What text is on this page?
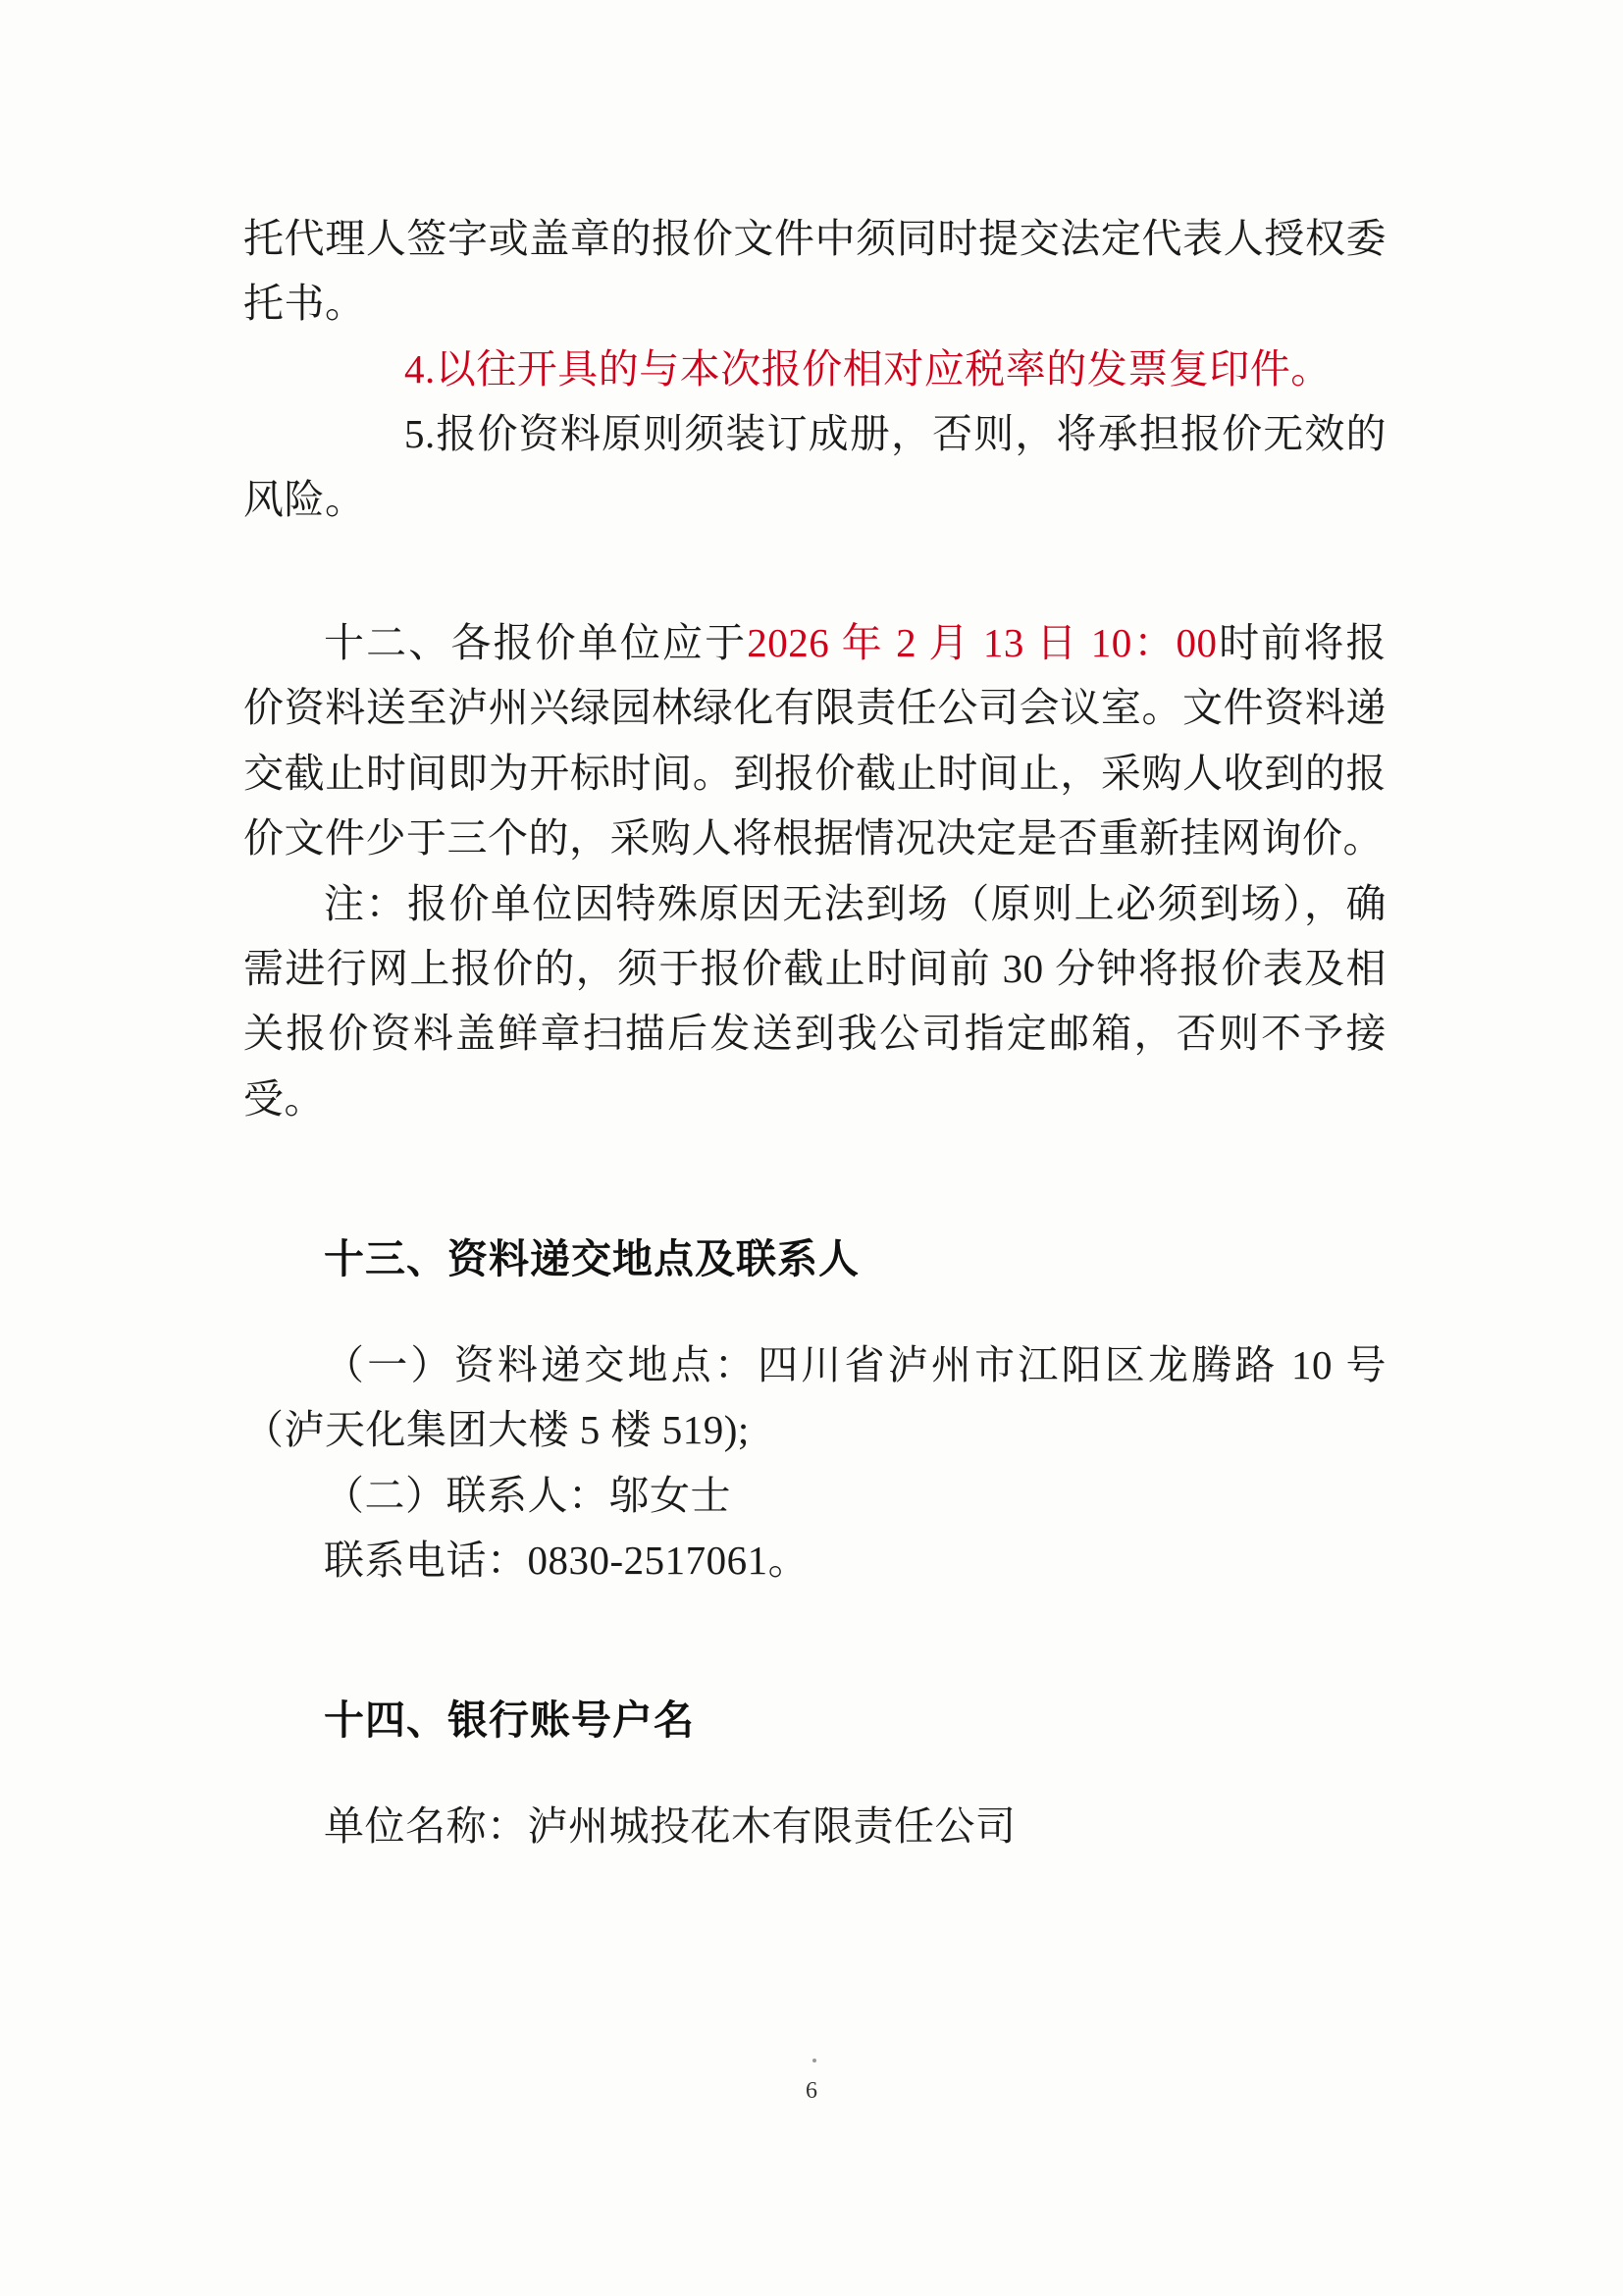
托代理人签字或盖章的报价文件中须同时提交法定代表人授权委托书。

4.以往开具的与本次报价相对应税率的发票复印件。

5.报价资料原则须装订成册，否则，将承担报价无效的风险。

十二、各报价单位应于2026 年 2 月 13 日 10：00时前将报价资料送至泸州兴绿园林绿化有限责任公司会议室。文件资料递交截止时间即为开标时间。到报价截止时间止，采购人收到的报价文件少于三个的，采购人将根据情况决定是否重新挂网询价。

注：报价单位因特殊原因无法到场（原则上必须到场），确需进行网上报价的，须于报价截止时间前 30 分钟将报价表及相关报价资料盖鲜章扫描后发送到我公司指定邮箱，否则不予接受。

十三、资料递交地点及联系人

（一）资料递交地点：四川省泸州市江阳区龙腾路 10 号（泸天化集团大楼 5 楼 519);

（二）联系人：邬女士

联系电话：0830-2517061。

十四、银行账号户名

单位名称：泸州城投花木有限责任公司

6
